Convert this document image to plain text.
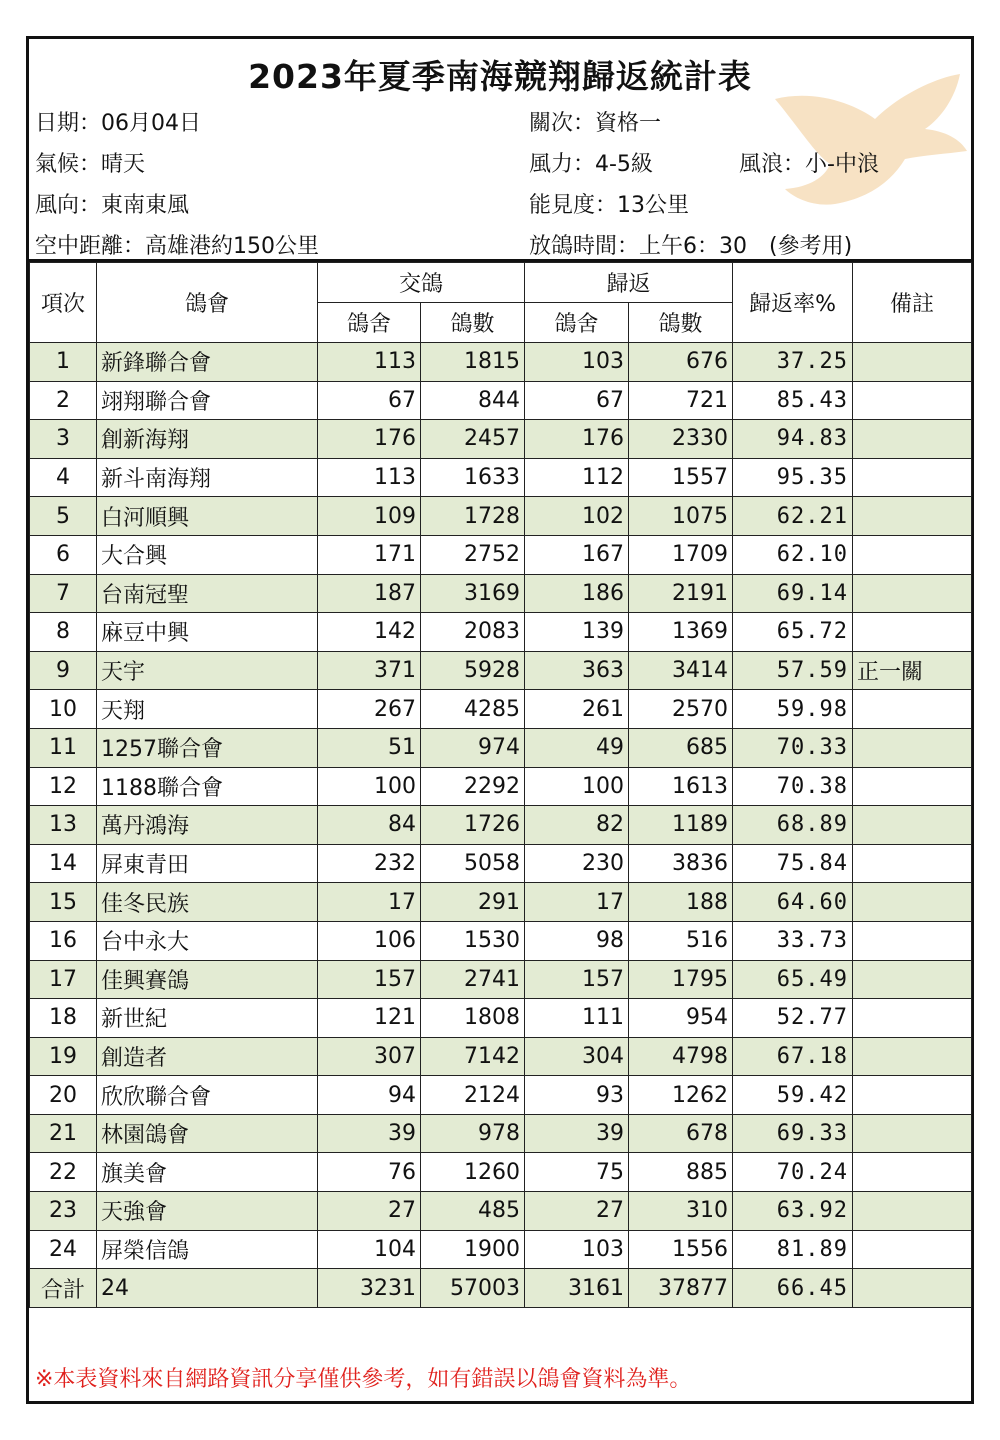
2023年夏季南海競翔歸返統計表
日期：06月04日	關次：資格一
氣候：晴天	風力：4-5級	風浪：小-中浪
風向：東南東風	能見度：13公里
空中距離：高雄港約150公里	放鴿時間：上午6：30　(參考用)
項次	鴿會	交鴿		歸返		歸返率%	備註
		鴿舍	鴿數	鴿舍	鴿數		
1	新鋒聯合會	113	1815	103	676	37.25	
2	翊翔聯合會	67	844	67	721	85.43	
3	創新海翔	176	2457	176	2330	94.83	
4	新斗南海翔	113	1633	112	1557	95.35	
5	白河順興	109	1728	102	1075	62.21	
6	大合興	171	2752	167	1709	62.10	
7	台南冠聖	187	3169	186	2191	69.14	
8	麻豆中興	142	2083	139	1369	65.72	
9	天宇	371	5928	363	3414	57.59	正一關
10	天翔	267	4285	261	2570	59.98	
11	1257聯合會	51	974	49	685	70.33	
12	1188聯合會	100	2292	100	1613	70.38	
13	萬丹鴻海	84	1726	82	1189	68.89	
14	屏東青田	232	5058	230	3836	75.84	
15	佳冬民族	17	291	17	188	64.60	
16	台中永大	106	1530	98	516	33.73	
17	佳興賽鴿	157	2741	157	1795	65.49	
18	新世紀	121	1808	111	954	52.77	
19	創造者	307	7142	304	4798	67.18	
20	欣欣聯合會	94	2124	93	1262	59.42	
21	林園鴿會	39	978	39	678	69.33	
22	旗美會	76	1260	75	885	70.24	
23	天強會	27	485	27	310	63.92	
24	屏榮信鴿	104	1900	103	1556	81.89	
合計	24	3231	57003	3161	37877	66.45	
※本表資料來自網路資訊分享僅供參考，如有錯誤以鴿會資料為準。
